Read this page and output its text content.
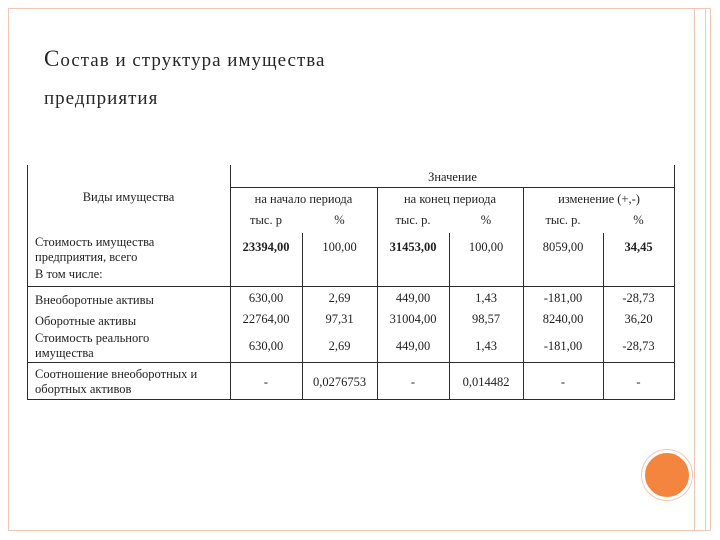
Состав и структура имущества
предприятия
Виды имущества
Значение
на начало периода	на конец периода	изменение (+,-)
тыс. р	%	тыс. р.	%	тыс. р.	%
Стоимость имущества
предприятия, всего
23394,00	100,00	31453,00	100,00	8059,00	34,45
В том числе:
Внеоборотные активы	630,00	2,69	449,00	1,43	-181,00	-28,73
Оборотные активы	22764,00	97,31	31004,00	98,57	8240,00	36,20
Стоимость реального
имущества	630,00	2,69	449,00	1,43	-181,00	-28,73
Соотношение внеоборотных и
обортных активов	-	0,0276753	-	0,014482	-	-
